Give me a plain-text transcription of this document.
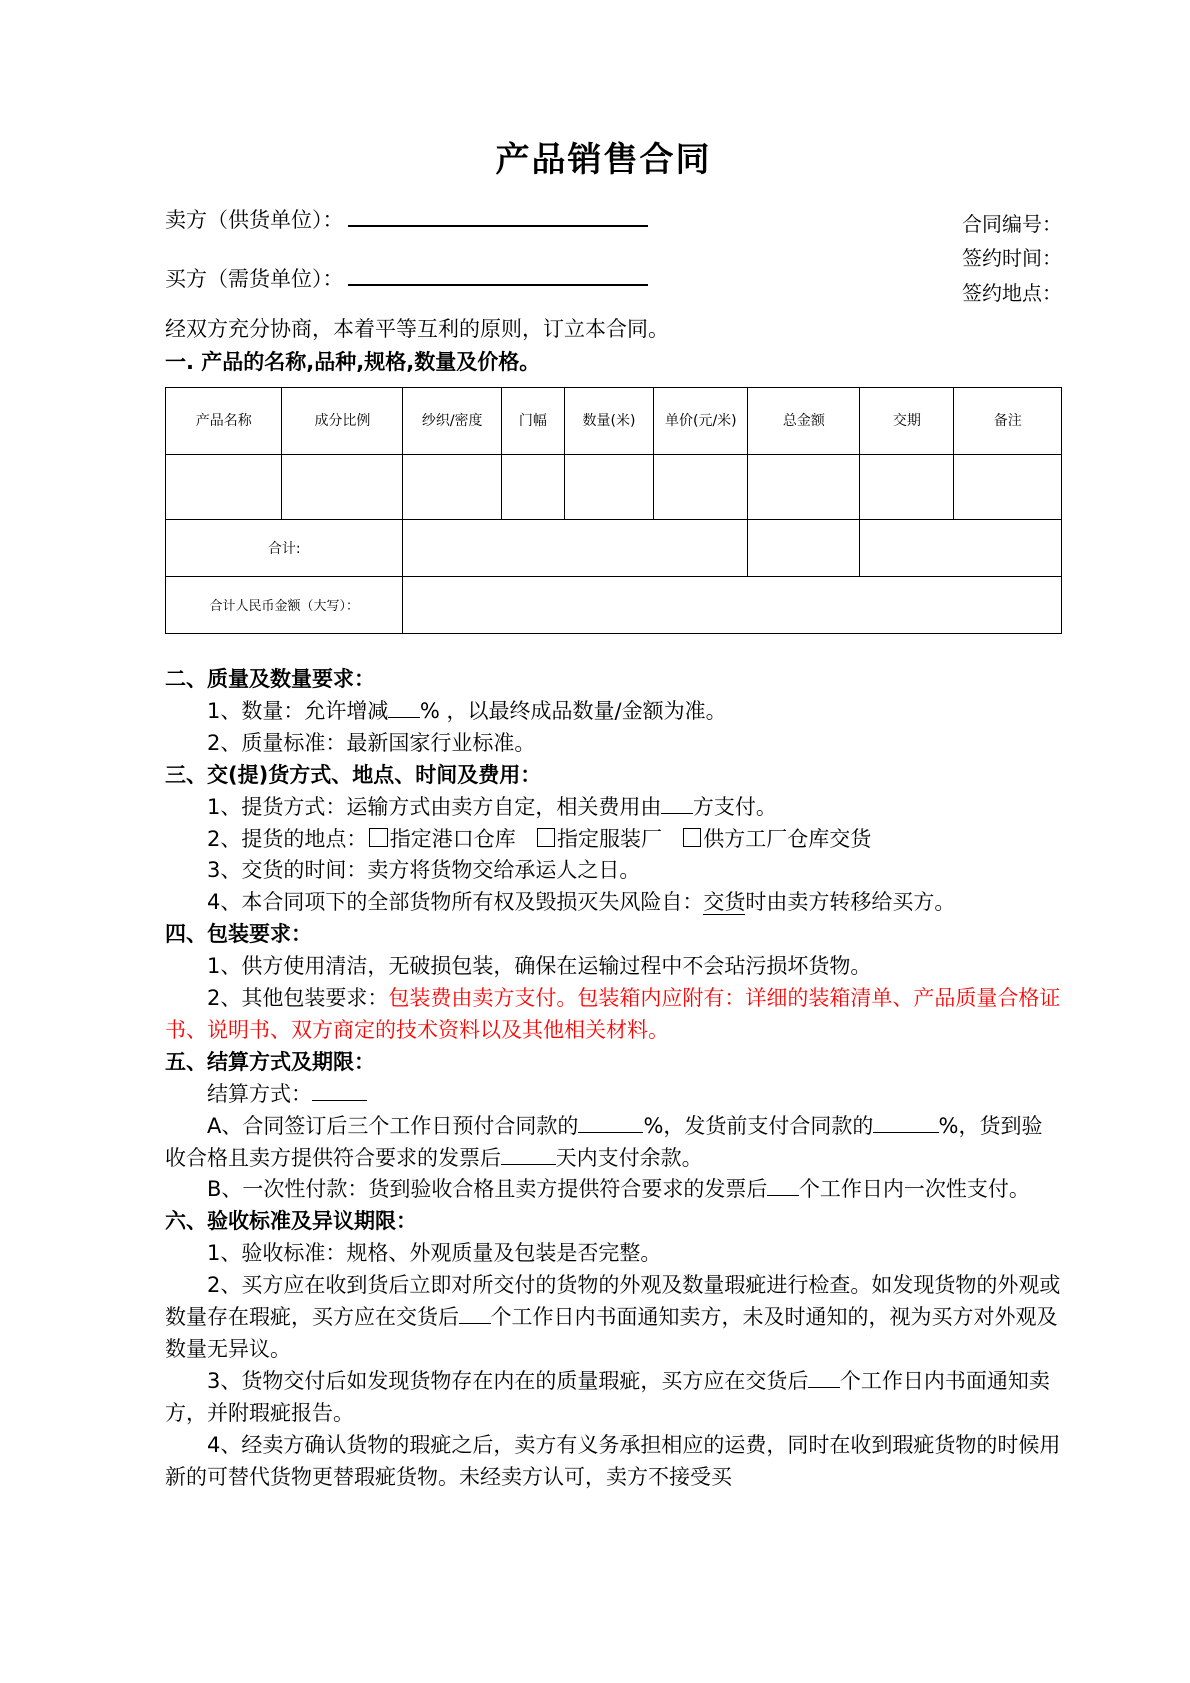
产品销售合同
合同编号：
签约时间：
签约地点：
卖方（供货单位）：
买方（需货单位）：

经双方充分协商，本着平等互利的原则，订立本合同。

一. 产品的名称,品种,规格,数量及价格。

产品名称	成分比例	纱织/密度	门幅	数量(米)	单价(元/米)	总金额	交期	备注

合计:								
合计人民币金额（大写）：								

二、质量及数量要求：

1、数量：允许增减 % ，以最终成品数量/金额为准。

2、质量标准：最新国家行业标准。

三、交(提)货方式、地点、时间及费用：

1、提货方式：运输方式由卖方自定，相关费用由 方支付。

2、提货的地点： 指定港口仓库 指定服装厂 供方工厂仓库交货

3、交货的时间：卖方将货物交给承运人之日。

4、本合同项下的全部货物所有权及毁损灭失风险自：交货时由卖方转移给买方。

四、包装要求：

1、供方使用清洁，无破损包装，确保在运输过程中不会玷污损坏货物。

2、其他包装要求：包装费由卖方支付。包装箱内应附有：详细的装箱清单、产品质量合格证书、说明书、双方商定的技术资料以及其他相关材料。

五、结算方式及期限：

结算方式：

A、合同签订后三个工作日预付合同款的	%，发货前支付合同款的	%，货到验收合格且卖方提供符合要求的发票后	天内支付余款。

B、一次性付款：货到验收合格且卖方提供符合要求的发票后 个工作日内一次性支付。

六、验收标准及异议期限：

1、验收标准：规格、外观质量及包装是否完整。

2、买方应在收到货后立即对所交付的货物的外观及数量瑕疵进行检查。如发现货物的外观或数量存在瑕疵，买方应在交货后 个工作日内书面通知卖方，未及时通知的，视为买方对外观及数量无异议。

3、货物交付后如发现货物存在内在的质量瑕疵，买方应在交货后 个工作日内书面通知卖方，并附瑕疵报告。

4、经卖方确认货物的瑕疵之后，卖方有义务承担相应的运费，同时在收到瑕疵货物的时候用新的可替代货物更替瑕疵货物。未经卖方认可，卖方不接受买
